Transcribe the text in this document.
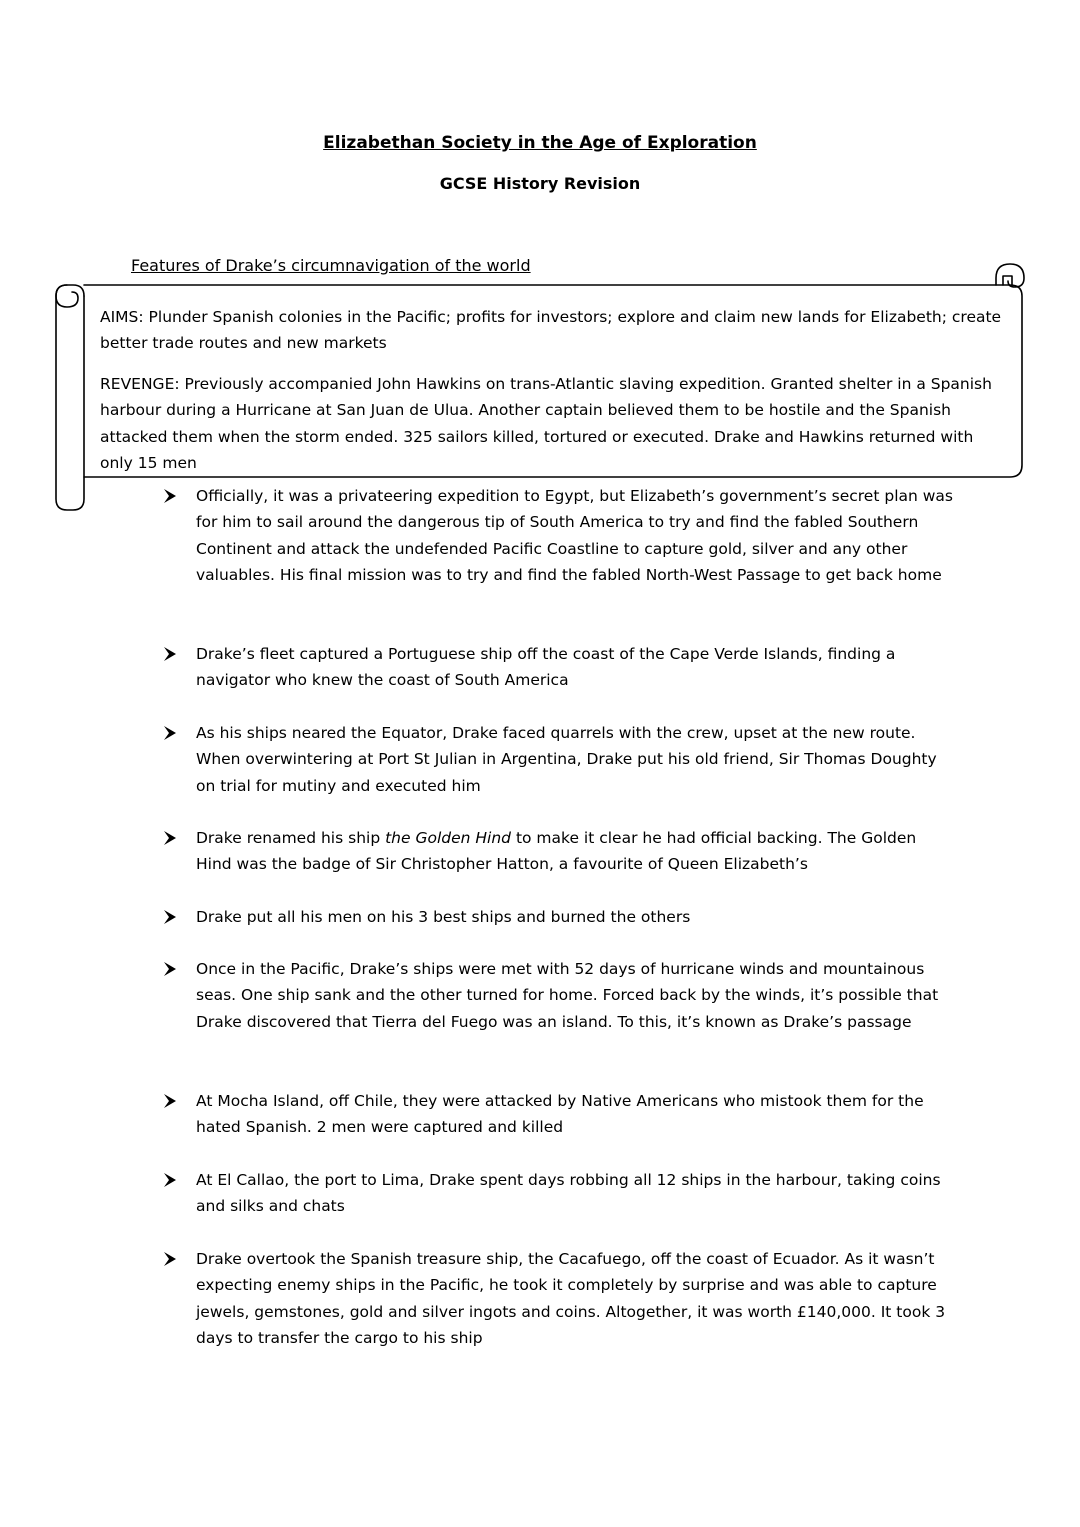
Elizabethan Society in the Age of Exploration
GCSE History Revision
Features of Drake’s circumnavigation of the world
AIMS: Plunder Spanish colonies in the Pacific; profits for investors; explore and claim new lands for Elizabeth; create better trade routes and new markets
REVENGE: Previously accompanied John Hawkins on trans-Atlantic slaving expedition. Granted shelter in a Spanish harbour during a Hurricane at San Juan de Ulua. Another captain believed them to be hostile and the Spanish attacked them when the storm ended. 325 sailors killed, tortured or executed. Drake and Hawkins returned with only 15 men
Officially, it was a privateering expedition to Egypt, but Elizabeth’s government’s secret plan was for him to sail around the dangerous tip of South America to try and find the fabled Southern Continent and attack the undefended Pacific Coastline to capture gold, silver and any other valuables. His final mission was to try and find the fabled North-West Passage to get back home
Drake’s fleet captured a Portuguese ship off the coast of the Cape Verde Islands, finding a navigator who knew the coast of South America
As his ships neared the Equator, Drake faced quarrels with the crew, upset at the new route. When overwintering at Port St Julian in Argentina, Drake put his old friend, Sir Thomas Doughty on trial for mutiny and executed him
Drake renamed his ship the Golden Hind to make it clear he had official backing. The Golden Hind was the badge of Sir Christopher Hatton, a favourite of Queen Elizabeth’s
Drake put all his men on his 3 best ships and burned the others
Once in the Pacific, Drake’s ships were met with 52 days of hurricane winds and mountainous seas. One ship sank and the other turned for home. Forced back by the winds, it’s possible that Drake discovered that Tierra del Fuego was an island. To this, it’s known as Drake’s passage
At Mocha Island, off Chile, they were attacked by Native Americans who mistook them for the hated Spanish. 2 men were captured and killed
At El Callao, the port to Lima, Drake spent days robbing all 12 ships in the harbour, taking coins and silks and chats
Drake overtook the Spanish treasure ship, the Cacafuego, off the coast of Ecuador. As it wasn’t expecting enemy ships in the Pacific, he took it completely by surprise and was able to capture jewels, gemstones, gold and silver ingots and coins. Altogether, it was worth £140,000. It took 3 days to transfer the cargo to his ship
